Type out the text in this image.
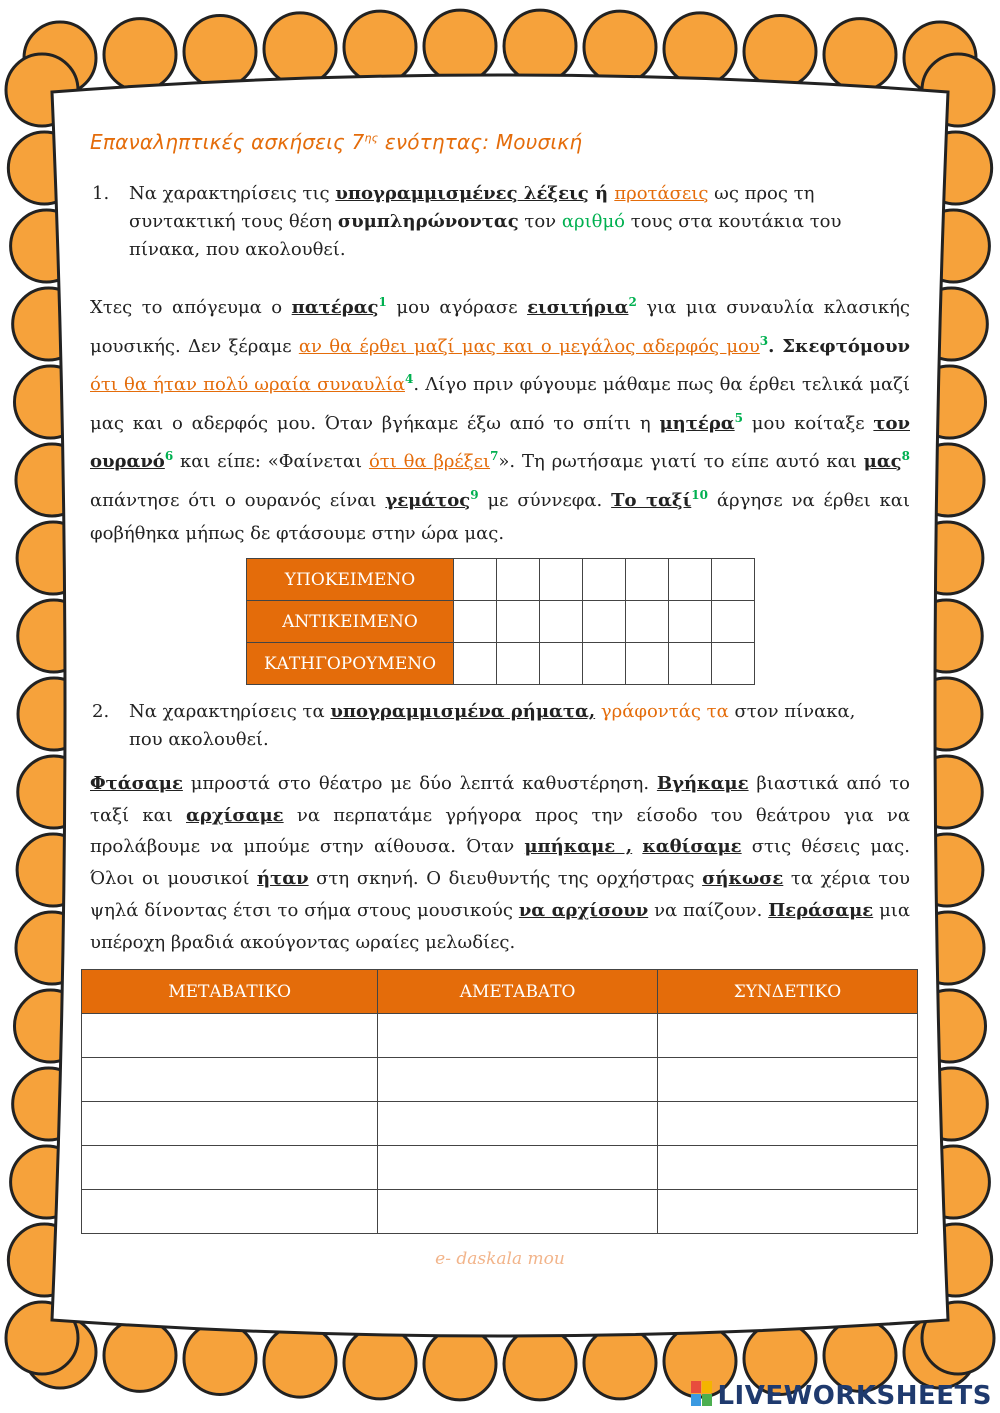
Επαναληπτικές ασκήσεις $7^{\eta\varsigma}$ ενότητας: Μουσική
1. Να χαρακτηρίσεις τις υπογραμμισμένες λέξεις ή προτάσεις ως προς τη συντακτική τους θέση συμπληρώνοντας τον αριθμό τους στα κουτάκια του πίνακα, που ακολουθεί.
Χτες το απόγευμα ο πατέρας$^1$ μου αγόρασε εισιτήρια$^2$ για μια συναυλία κλασικής μουσικής. Δεν ξέραμε αν θα έρθει μαζί μας και ο μεγάλος αδερφός μου$^3$. Σκεφτόμουν ότι θα ήταν πολύ ωραία συναυλία$^4$. Λίγο πριν φύγουμε μάθαμε πως θα έρθει τελικά μαζί μας και ο αδερφός μου. Όταν βγήκαμε έξω από το σπίτι η μητέρα$^5$ μου κοίταξε τον ουρανό$^6$ και είπε: «Φαίνεται ότι θα βρέξει$^7$». Τη ρωτήσαμε γιατί το είπε αυτό και μας$^8$ απάντησε ότι ο ουρανός είναι γεμάτος$^9$ με σύννεφα. Το ταξί$^{10}$ άργησε να έρθει και φοβήθηκα μήπως δε φτάσουμε στην ώρα μας.
ΥΠΟΚΕΙΜΕΝΟ							
ΑΝΤΙΚΕΙΜΕΝΟ							
ΚΑΤΗΓΟΡΟΥΜΕΝΟ							
2. Να χαρακτηρίσεις τα υπογραμμισμένα ρήματα, γράφοντάς τα στον πίνακα, που ακολουθεί.
Φτάσαμε μπροστά στο θέατρο με δύο λεπτά καθυστέρηση. Βγήκαμε βιαστικά από το ταξί και αρχίσαμε να περπατάμε γρήγορα προς την είσοδο του θεάτρου για να προλάβουμε να μπούμε στην αίθουσα. Όταν μπήκαμε , καθίσαμε στις θέσεις μας. Όλοι οι μουσικοί ήταν στη σκηνή. Ο διευθυντής της ορχήστρας σήκωσε τα χέρια του ψηλά δίνοντας έτσι το σήμα στους μουσικούς να αρχίσουν να παίζουν. Περάσαμε μια υπέροχη βραδιά ακούγοντας ωραίες μελωδίες.
ΜΕΤΑΒΑΤΙΚΟ	ΑΜΕΤΑΒΑΤΟ	ΣΥΝΔΕΤΙΚΟ

e- daskala mou
LIVEWORKSHEETS
